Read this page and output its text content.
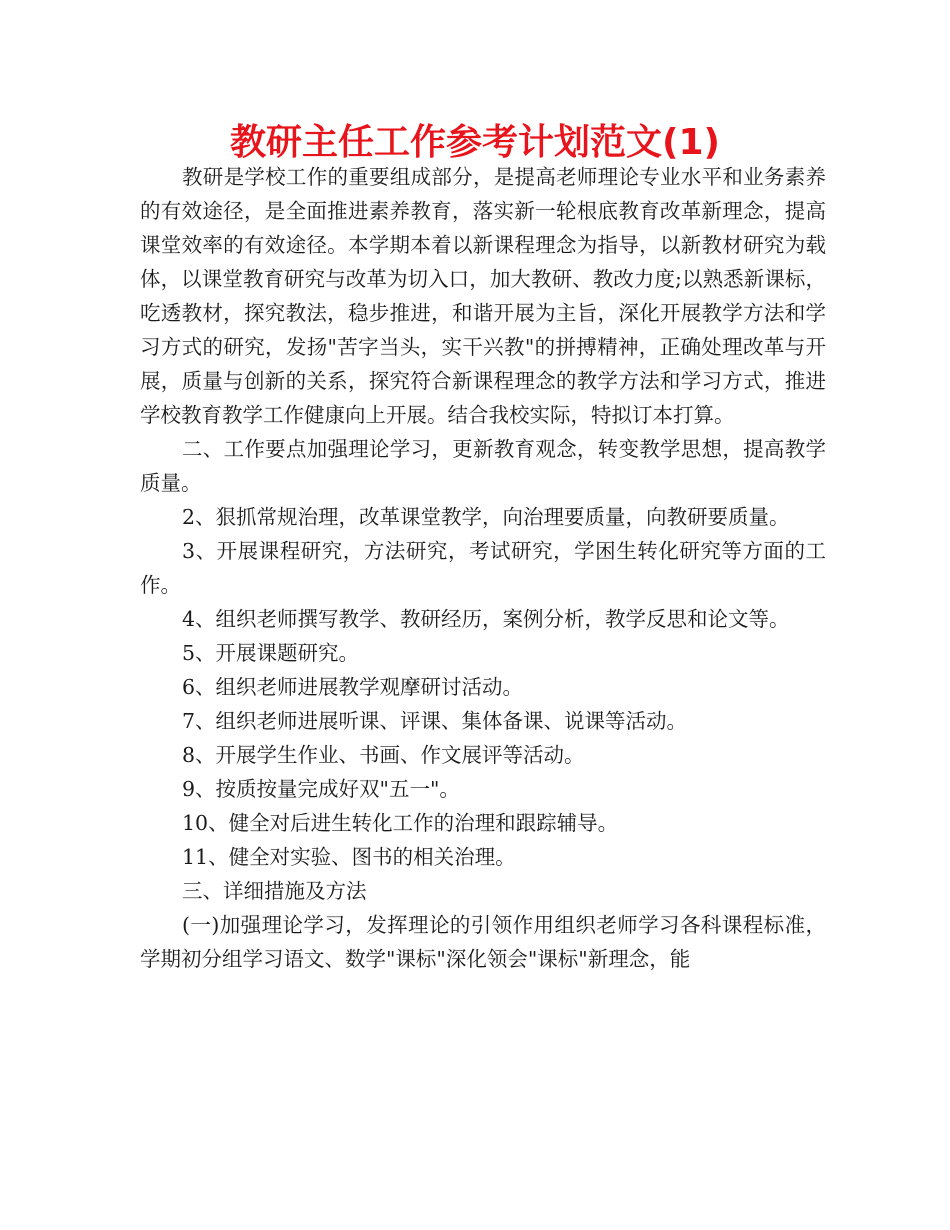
教研主任工作参考计划范文(1)

教研是学校工作的重要组成部分，是提高老师理论专业水平和业务素养的有效途径，是全面推进素养教育，落实新一轮根底教育改革新理念，提高课堂效率的有效途径。本学期本着以新课程理念为指导，以新教材研究为载体，以课堂教育研究与改革为切入口，加大教研、教改力度;以熟悉新课标，吃透教材，探究教法，稳步推进，和谐开展为主旨，深化开展教学方法和学习方式的研究，发扬"苦字当头，实干兴教"的拼搏精神，正确处理改革与开展，质量与创新的关系，探究符合新课程理念的教学方法和学习方式，推进学校教育教学工作健康向上开展。结合我校实际，特拟订本打算。

二、工作要点加强理论学习，更新教育观念，转变教学思想，提高教学质量。

2、狠抓常规治理，改革课堂教学，向治理要质量，向教研要质量。

3、开展课程研究，方法研究，考试研究，学困生转化研究等方面的工作。

4、组织老师撰写教学、教研经历，案例分析，教学反思和论文等。

5、开展课题研究。

6、组织老师进展教学观摩研讨活动。

7、组织老师进展听课、评课、集体备课、说课等活动。

8、开展学生作业、书画、作文展评等活动。

9、按质按量完成好双"五一"。

10、健全对后进生转化工作的治理和跟踪辅导。

11、健全对实验、图书的相关治理。

三、详细措施及方法

(一)加强理论学习，发挥理论的引领作用组织老师学习各科课程标准，学期初分组学习语文、数学"课标"深化领会"课标"新理念，能
